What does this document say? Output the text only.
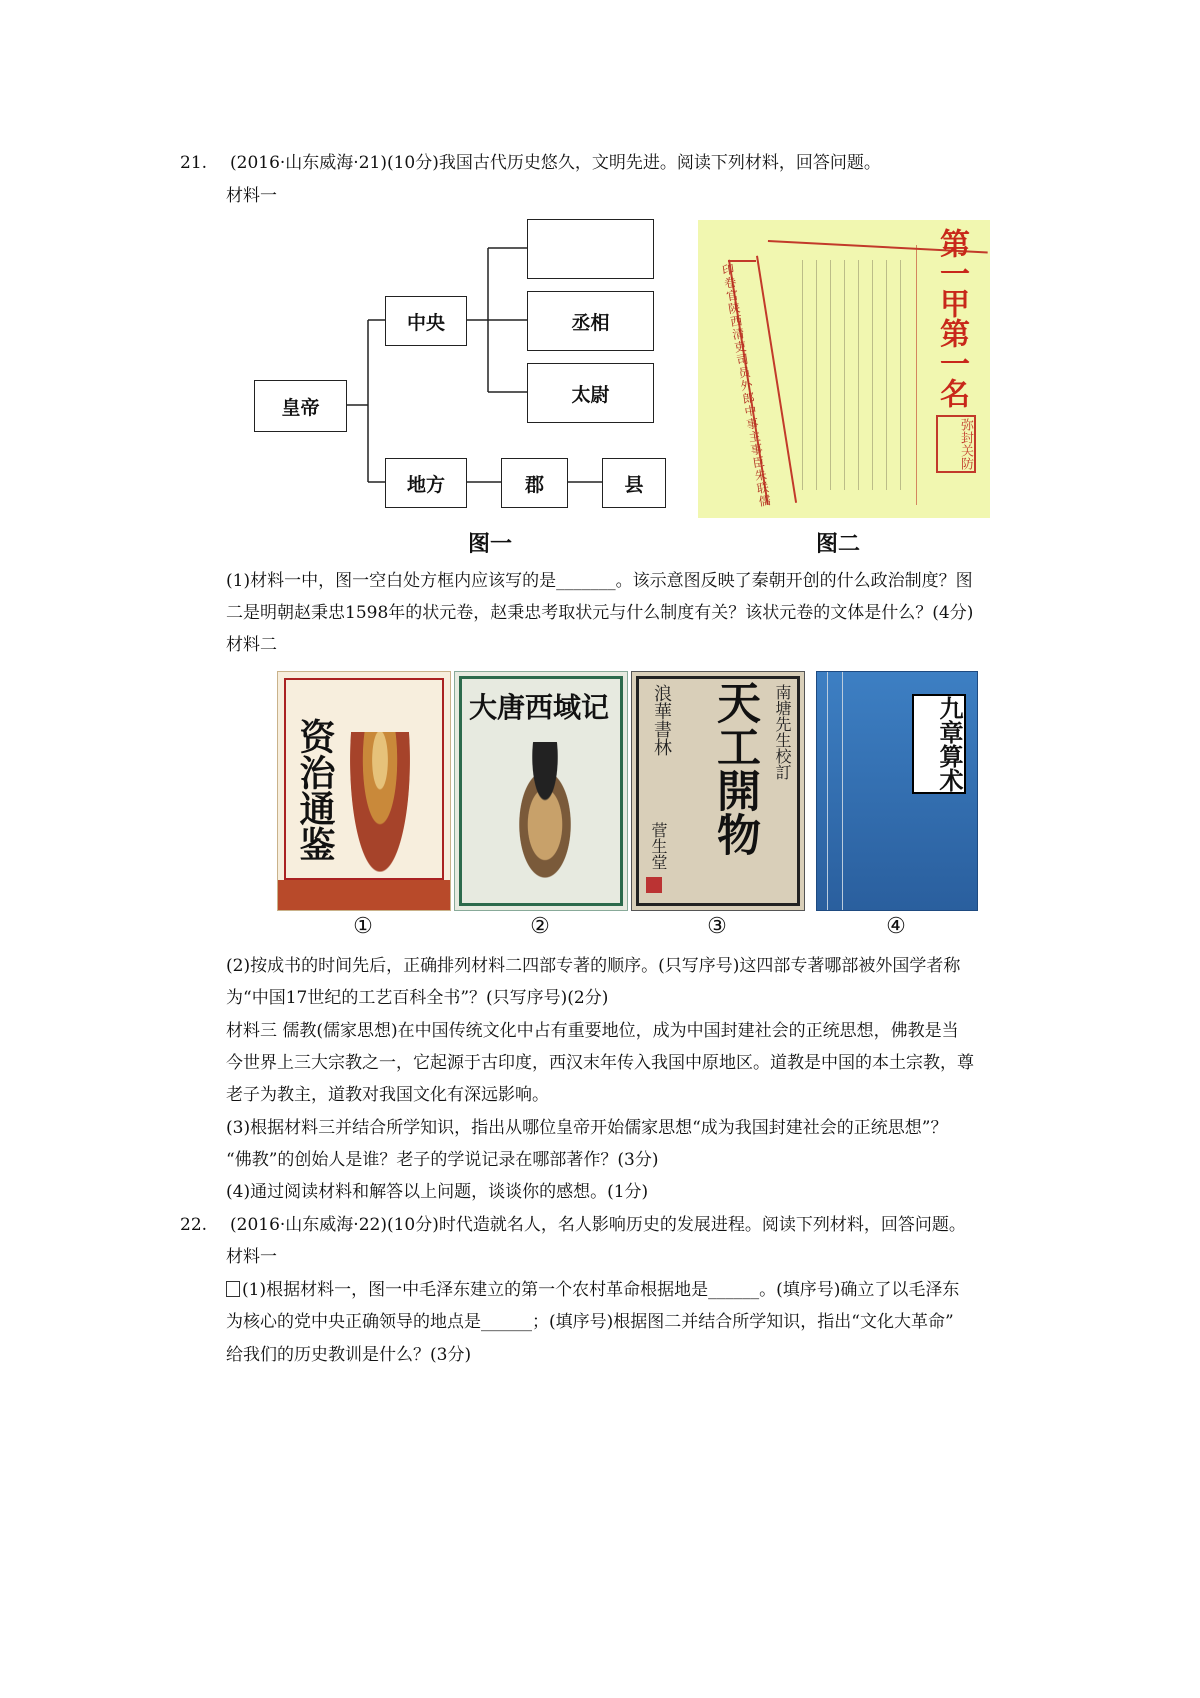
21. (2016·山东威海·21)(10分)我国古代历史悠久，文明先进。阅读下列材料，回答问题。
材料一
皇帝
中央
地方
丞相
太尉
郡	县
图一
印卷官陕西清吏司员外郎中事主事臣朱联儒	第一甲第一名
弥封关防
图二
(1)材料一中，图一空白处方框内应该写的是_______。该示意图反映了秦朝开创的什么政治制度？图
二是明朝赵秉忠1598年的状元卷，赵秉忠考取状元与什么制度有关？该状元卷的文体是什么？(4分)
材料二
资治通鉴
大唐西域记	浪華書林 天工開物 南塘先生校訂
菅生堂
九章算术
①	②	③	④
(2)按成书的时间先后，正确排列材料二四部专著的顺序。(只写序号)这四部专著哪部被外国学者称
为“中国17世纪的工艺百科全书”？(只写序号)(2分)
材料三 儒教(儒家思想)在中国传统文化中占有重要地位，成为中国封建社会的正统思想，佛教是当
今世界上三大宗教之一，它起源于古印度，西汉末年传入我国中原地区。道教是中国的本土宗教，尊
老子为教主，道教对我国文化有深远影响。
(3)根据材料三并结合所学知识，指出从哪位皇帝开始儒家思想“成为我国封建社会的正统思想”？
“佛教”的创始人是谁？老子的学说记录在哪部著作？(3分)
(4)通过阅读材料和解答以上问题，谈谈你的感想。(1分)
22. (2016·山东威海·22)(10分)时代造就名人，名人影响历史的发展进程。阅读下列材料，回答问题。
材料一
(1)根据材料一，图一中毛泽东建立的第一个农村革命根据地是______。(填序号)确立了以毛泽东
为核心的党中央正确领导的地点是______；(填序号)根据图二并结合所学知识，指出“文化大革命”
给我们的历史教训是什么？(3分)
